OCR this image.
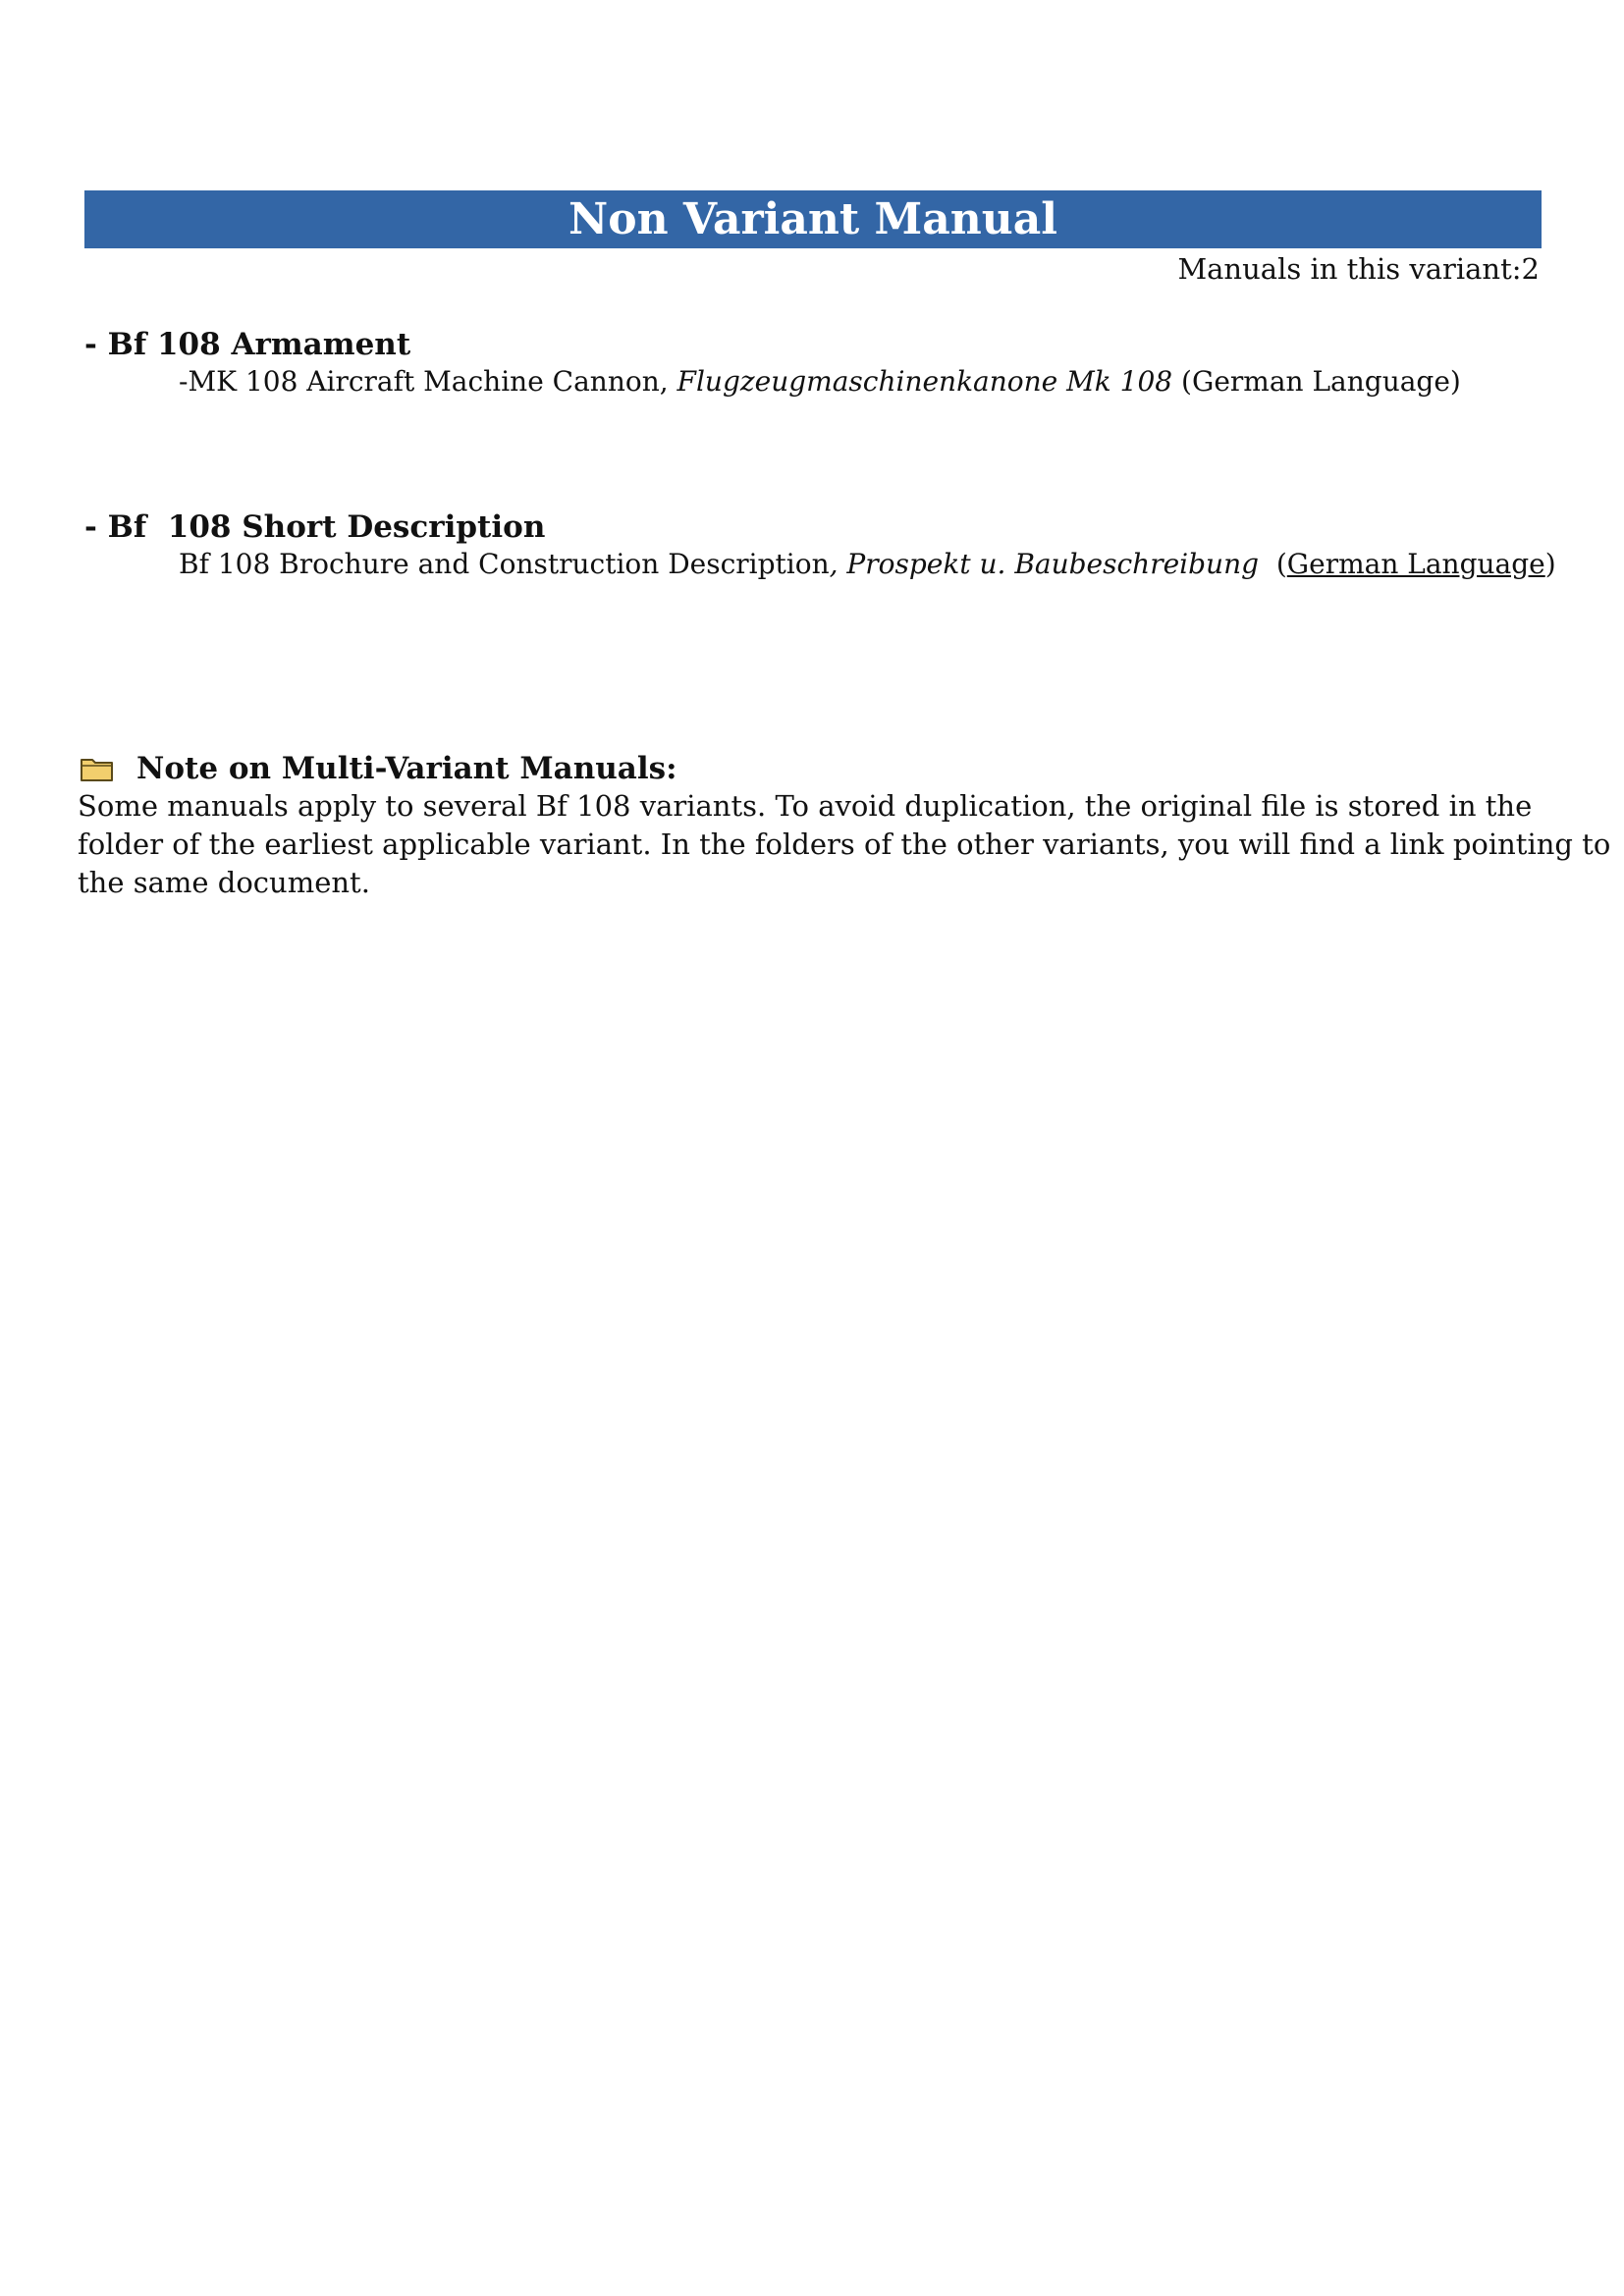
Non Variant Manual
Manuals in this variant:2
- Bf 108 Armament
-MK 108 Aircraft Machine Cannon, Flugzeugmaschinenkanone Mk 108 (German Language)
- Bf  108 Short Description
Bf 108 Brochure and Construction Description, Prospekt u. Baubeschreibung  (German Language)
Note on Multi-Variant Manuals:
Some manuals apply to several Bf 108 variants. To avoid duplication, the original file is stored in the
folder of the earliest applicable variant. In the folders of the other variants, you will find a link pointing to
the same document.
